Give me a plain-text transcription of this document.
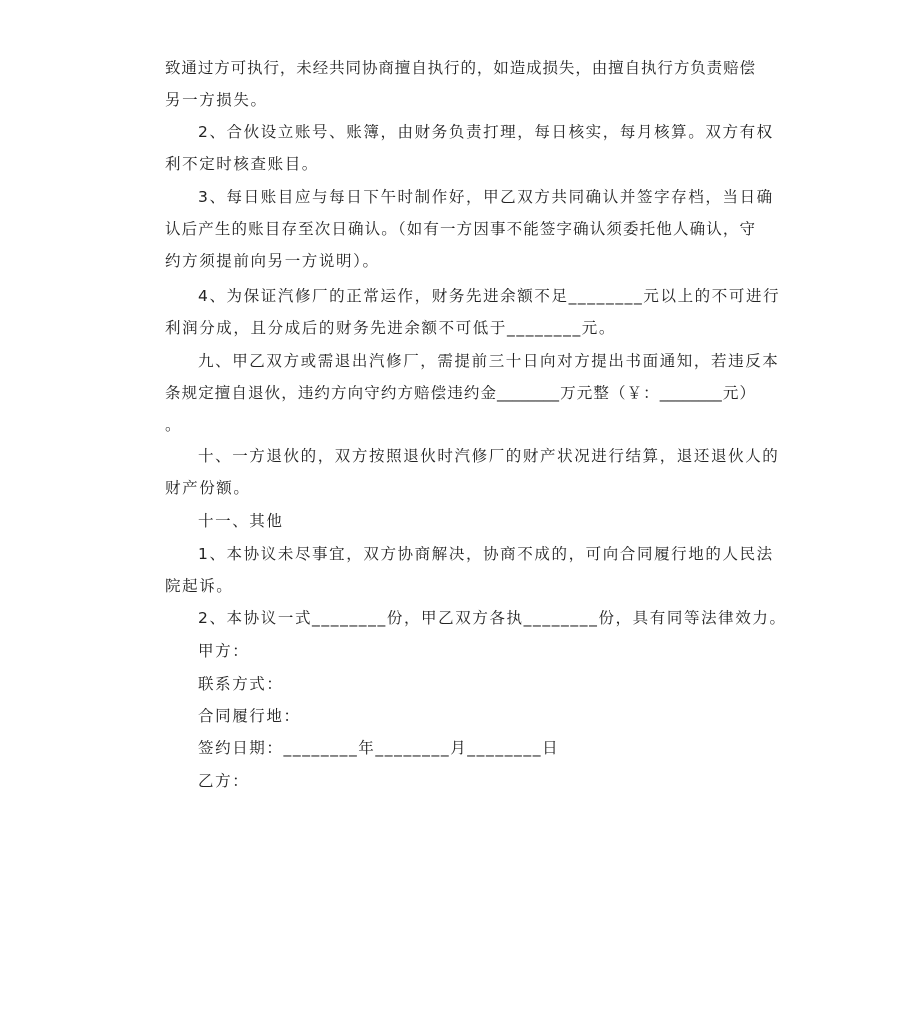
致通过方可执行，未经共同协商擅自执行的，如造成损失，由擅自执行方负责赔偿
另一方损失。
2、合伙设立账号、账簿，由财务负责打理，每日核实，每月核算。双方有权
利不定时核查账目。
3、每日账目应与每日下午时制作好，甲乙双方共同确认并签字存档，当日确
认后产生的账目存至次日确认。（如有一方因事不能签字确认须委托他人确认，守
约方须提前向另一方说明）。
4、为保证汽修厂的正常运作，财务先进余额不足________元以上的不可进行
利润分成，且分成后的财务先进余额不可低于________元。
九、甲乙双方或需退出汽修厂，需提前三十日向对方提出书面通知，若违反本
条规定擅自退伙，违约方向守约方赔偿违约金________万元整（￥：________元）
。
十、一方退伙的，双方按照退伙时汽修厂的财产状况进行结算，退还退伙人的
财产份额。
十一、其他
1、本协议未尽事宜，双方协商解决，协商不成的，可向合同履行地的人民法
院起诉。
2、本协议一式________份，甲乙双方各执________份，具有同等法律效力。
甲方：
联系方式：
合同履行地：
签约日期：________年________月________日
乙方：
